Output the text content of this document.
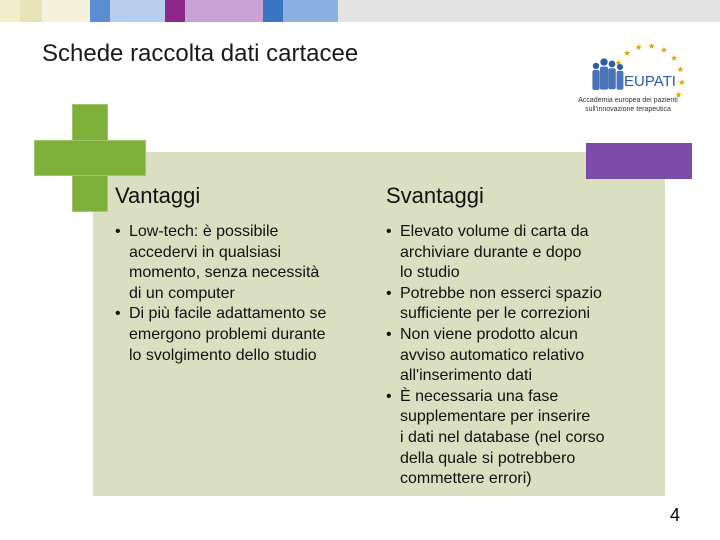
Schede raccolta dati cartacee
EUPATI
Accademia europea dei pazienti
sull'innovazione terapeutica
Vantaggi
• Low-tech: è possibile
accedervi in qualsiasi
momento, senza necessità
di un computer
• Di più facile adattamento se
emergono problemi durante
lo svolgimento dello studio
Svantaggi
• Elevato volume di carta da
archiviare durante e dopo
lo studio
• Potrebbe non esserci spazio
sufficiente per le correzioni
• Non viene prodotto alcun
avviso automatico relativo
all'inserimento dati
• È necessaria una fase
supplementare per inserire
i dati nel database (nel corso
della quale si potrebbero
commettere errori)
4
